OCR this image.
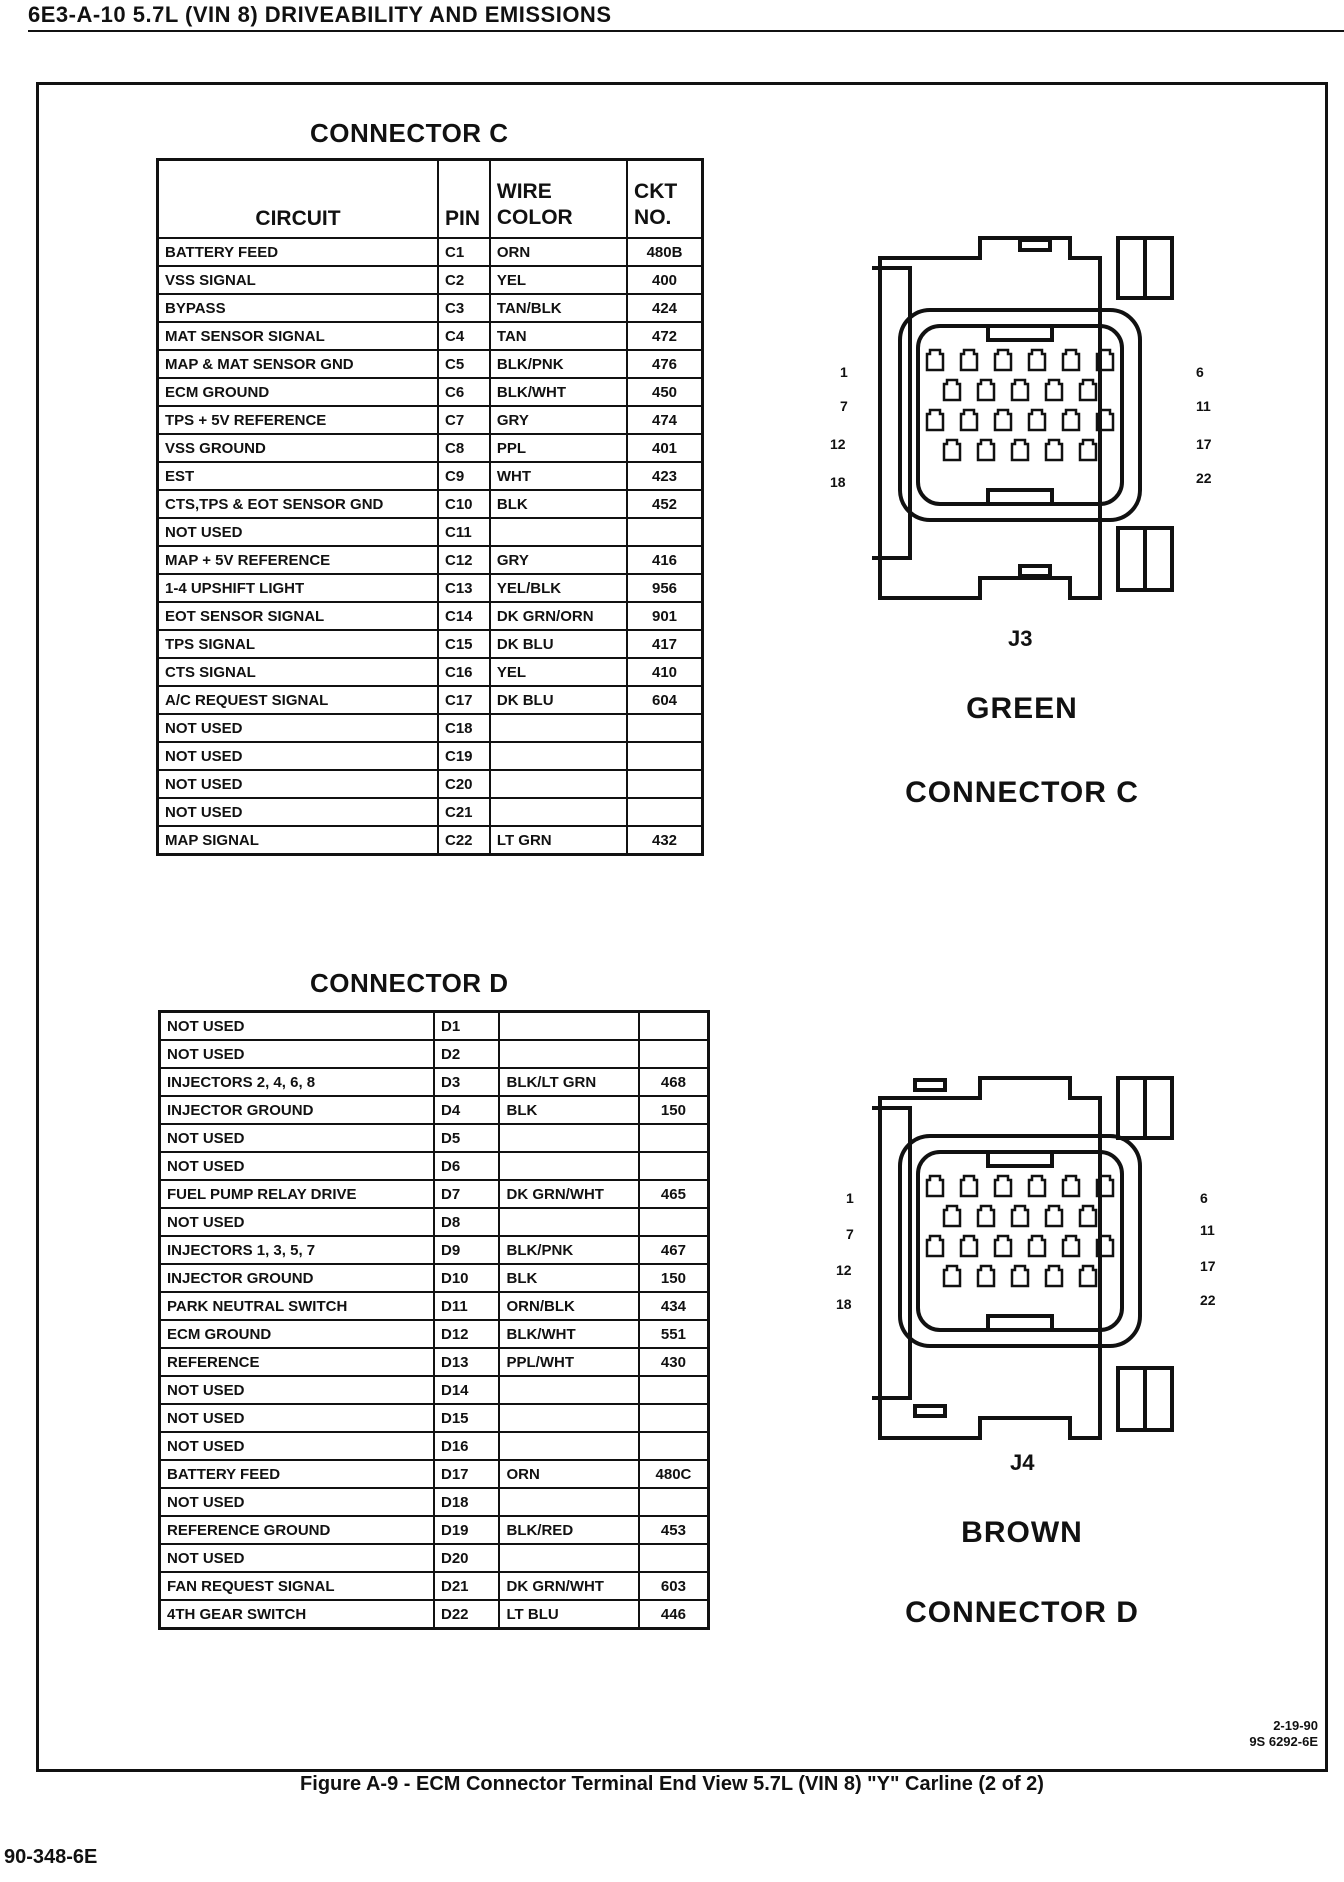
6E3-A-10 5.7L (VIN 8) DRIVEABILITY AND EMISSIONS
CONNECTOR C
CIRCUIT	PIN	WIRE COLOR	CKT NO.
BATTERY FEED	C1	ORN	480B
VSS SIGNAL	C2	YEL	400
BYPASS	C3	TAN/BLK	424
MAT SENSOR SIGNAL	C4	TAN	472
MAP & MAT SENSOR GND	C5	BLK/PNK	476
ECM GROUND	C6	BLK/WHT	450
TPS + 5V REFERENCE	C7	GRY	474
VSS GROUND	C8	PPL	401
EST	C9	WHT	423
CTS,TPS & EOT SENSOR GND	C10	BLK	452
NOT USED	C11		
MAP + 5V REFERENCE	C12	GRY	416
1-4 UPSHIFT LIGHT	C13	YEL/BLK	956
EOT SENSOR SIGNAL	C14	DK GRN/ORN	901
TPS SIGNAL	C15	DK BLU	417
CTS SIGNAL	C16	YEL	410
A/C REQUEST SIGNAL	C17	DK BLU	604
NOT USED	C18		
NOT USED	C19		
NOT USED	C20		
NOT USED	C21		
MAP SIGNAL	C22	LT GRN	432
CONNECTOR D
NOT USED	D1		
NOT USED	D2		
INJECTORS 2, 4, 6, 8	D3	BLK/LT GRN	468
INJECTOR GROUND	D4	BLK	150
NOT USED	D5		
NOT USED	D6		
FUEL PUMP RELAY DRIVE	D7	DK GRN/WHT	465
NOT USED	D8		
INJECTORS 1, 3, 5, 7	D9	BLK/PNK	467
INJECTOR GROUND	D10	BLK	150
PARK NEUTRAL SWITCH	D11	ORN/BLK	434
ECM GROUND	D12	BLK/WHT	551
REFERENCE	D13	PPL/WHT	430
NOT USED	D14		
NOT USED	D15		
NOT USED	D16		
BATTERY FEED	D17	ORN	480C
NOT USED	D18		
REFERENCE GROUND	D19	BLK/RED	453
NOT USED	D20		
FAN REQUEST SIGNAL	D21	DK GRN/WHT	603
4TH GEAR SWITCH	D22	LT BLU	446
1
7
12
18
6
11
17
22
J3
GREEN
CONNECTOR C
1
7
12
18
6
11
17
22
J4
BROWN
CONNECTOR D
2-19-90
9S 6292-6E
Figure A-9 - ECM Connector Terminal End View 5.7L (VIN 8) "Y" Carline (2 of 2)
90-348-6E
